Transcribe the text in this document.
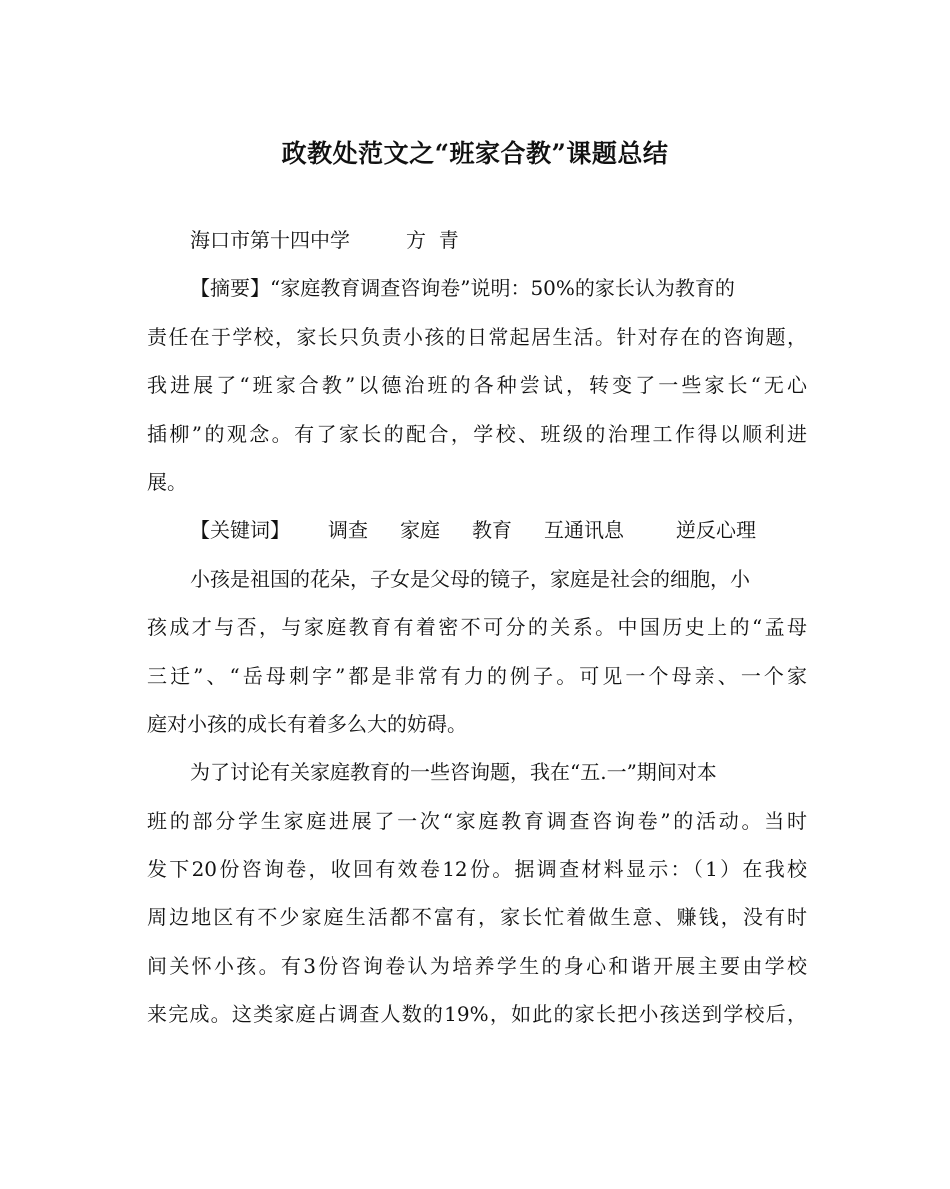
政教处范文之“班家合教”课题总结
海口市第十四中学	方  青
【摘要】“家庭教育调查咨询卷”说明：50%的家长认为教育的
责任在于学校，家长只负责小孩的日常起居生活。针对存在的咨询题，
我进展了“班家合教”以德治班的各种尝试，转变了一些家长“无心
插柳”的观念。有了家长的配合，学校、班级的治理工作得以顺利进
展。
【关键词】 调查 家庭 教育 互通讯息	逆反心理
小孩是祖国的花朵，子女是父母的镜子，家庭是社会的细胞，小
孩成才与否，与家庭教育有着密不可分的关系。中国历史上的“孟母
三迁”、“岳母刺字”都是非常有力的例子。可见一个母亲、一个家
庭对小孩的成长有着多么大的妨碍。
为了讨论有关家庭教育的一些咨询题，我在“五.一”期间对本
班的部分学生家庭进展了一次“家庭教育调查咨询卷”的活动。当时
发下20份咨询卷，收回有效卷12份。据调查材料显示：（1）在我校
周边地区有不少家庭生活都不富有，家长忙着做生意、赚钱，没有时
间关怀小孩。有3份咨询卷认为培养学生的身心和谐开展主要由学校
来完成。这类家庭占调查人数的19%，如此的家长把小孩送到学校后，
